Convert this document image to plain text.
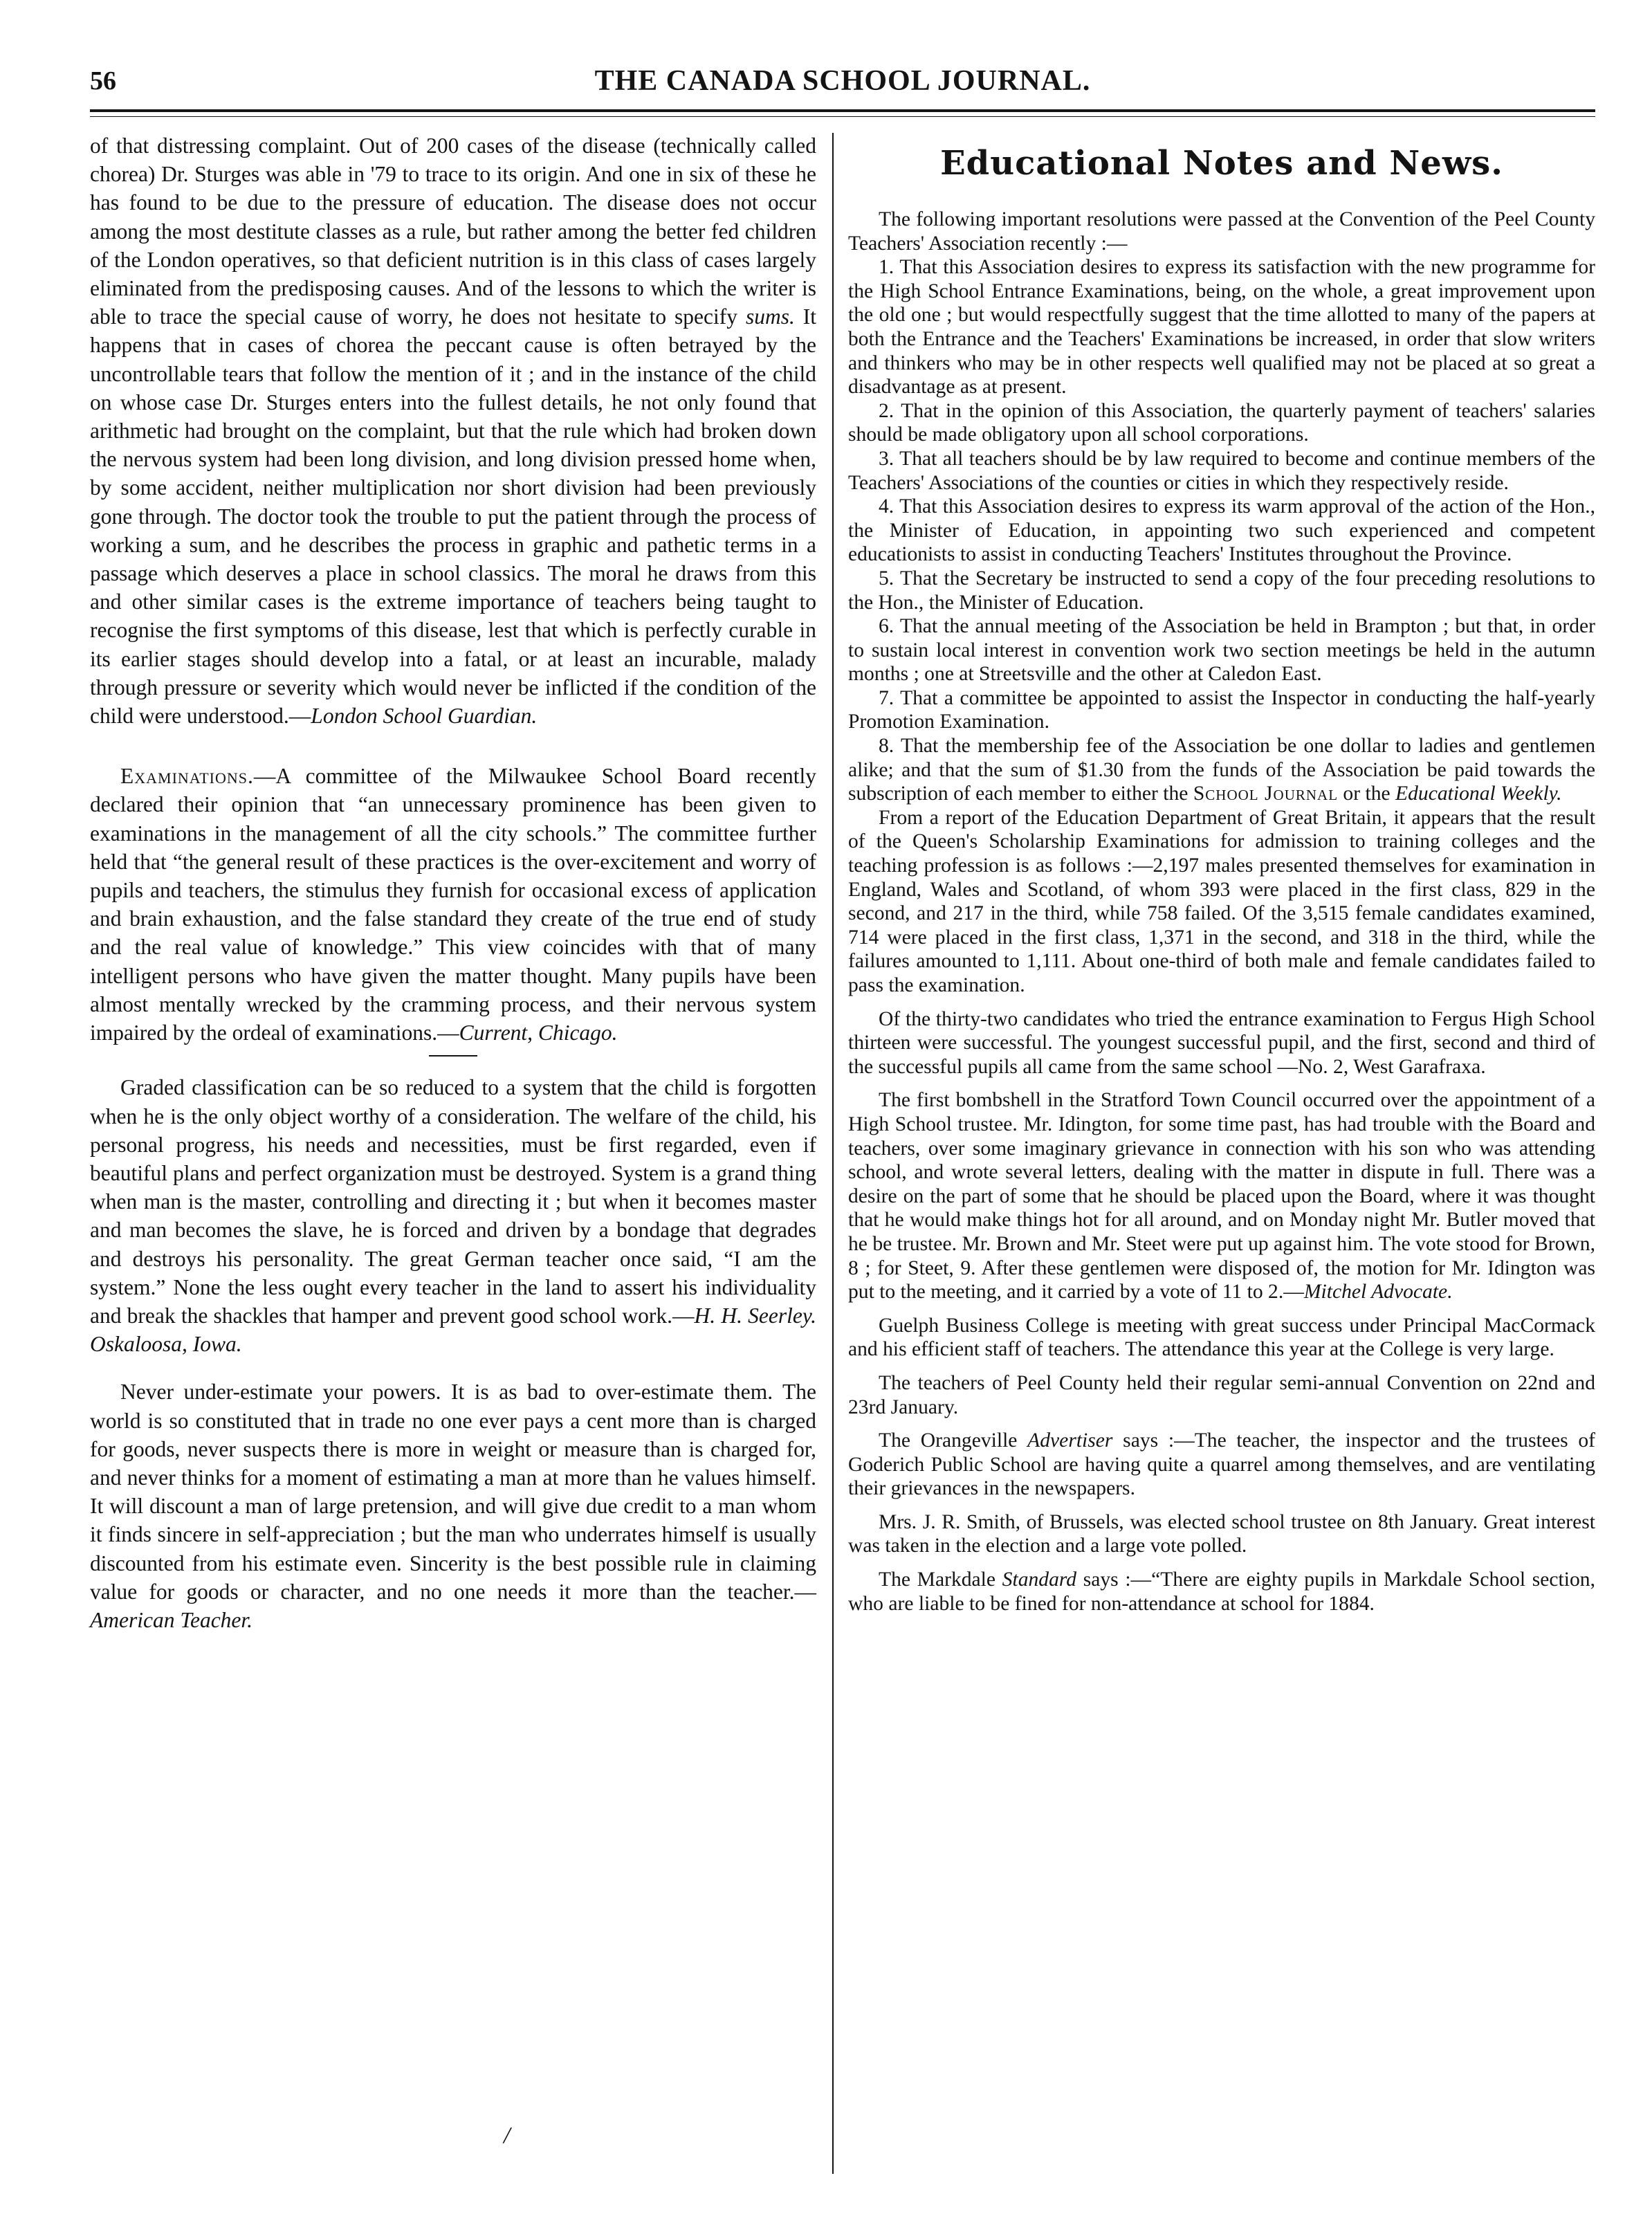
56	THE CANADA SCHOOL JOURNAL.

of that distressing complaint. Out of 200 cases of the disease (technically called chorea) Dr. Sturges was able in '79 to trace to its origin. And one in six of these he has found to be due to the pressure of education. The disease does not occur among the most destitute classes as a rule, but rather among the better fed children of the London operatives, so that deficient nutrition is in this class of cases largely eliminated from the predisposing causes. And of the lessons to which the writer is able to trace the special cause of worry, he does not hesitate to specify sums. It happens that in cases of chorea the peccant cause is often betrayed by the uncontrollable tears that follow the mention of it ; and in the instance of the child on whose case Dr. Sturges enters into the fullest details, he not only found that arithmetic had brought on the complaint, but that the rule which had broken down the nervous system had been long division, and long division pressed home when, by some accident, neither multiplication nor short division had been previously gone through. The doctor took the trouble to put the patient through the process of working a sum, and he describes the process in graphic and pathetic terms in a passage which deserves a place in school classics. The moral he draws from this and other similar cases is the extreme importance of teachers being taught to recognise the first symptoms of this disease, lest that which is perfectly curable in its earlier stages should develop into a fatal, or at least an incurable, malady through pressure or severity which would never be inflicted if the condition of the child were understood.—London School Guardian.

Examinations.—A committee of the Milwaukee School Board recently declared their opinion that “an unnecessary prominence has been given to examinations in the management of all the city schools.” The committee further held that “the general result of these practices is the over-excitement and worry of pupils and teachers, the stimulus they furnish for occasional excess of application and brain exhaustion, and the false standard they create of the true end of study and the real value of knowledge.” This view coincides with that of many intelligent persons who have given the matter thought. Many pupils have been almost mentally wrecked by the cramming process, and their nervous system impaired by the ordeal of examinations.—Current, Chicago.

Graded classification can be so reduced to a system that the child is forgotten when he is the only object worthy of a consideration. The welfare of the child, his personal progress, his needs and necessities, must be first regarded, even if beautiful plans and perfect organization must be destroyed. System is a grand thing when man is the master, controlling and directing it ; but when it becomes master and man becomes the slave, he is forced and driven by a bondage that degrades and destroys his personality. The great German teacher once said, “I am the system.” None the less ought every teacher in the land to assert his individuality and break the shackles that hamper and prevent good school work.—H. H. Seerley. Oskaloosa, Iowa.

Never under-estimate your powers. It is as bad to over-estimate them. The world is so constituted that in trade no one ever pays a cent more than is charged for goods, never suspects there is more in weight or measure than is charged for, and never thinks for a moment of estimating a man at more than he values himself. It will discount a man of large pretension, and will give due credit to a man whom it finds sincere in self-appreciation ; but the man who underrates himself is usually discounted from his estimate even. Sincerity is the best possible rule in claiming value for goods or character, and no one needs it more than the teacher.—American Teacher.

Educational Notes and News.

The following important resolutions were passed at the Convention of the Peel County Teachers' Association recently :—

1. That this Association desires to express its satisfaction with the new programme for the High School Entrance Examinations, being, on the whole, a great improvement upon the old one ; but would respectfully suggest that the time allotted to many of the papers at both the Entrance and the Teachers' Examinations be increased, in order that slow writers and thinkers who may be in other respects well qualified may not be placed at so great a disadvantage as at present.

2. That in the opinion of this Association, the quarterly payment of teachers' salaries should be made obligatory upon all school corporations.

3. That all teachers should be by law required to become and continue members of the Teachers' Associations of the counties or cities in which they respectively reside.

4. That this Association desires to express its warm approval of the action of the Hon., the Minister of Education, in appointing two such experienced and competent educationists to assist in conducting Teachers' Institutes throughout the Province.

5. That the Secretary be instructed to send a copy of the four preceding resolutions to the Hon., the Minister of Education.

6. That the annual meeting of the Association be held in Brampton ; but that, in order to sustain local interest in convention work two section meetings be held in the autumn months ; one at Streetsville and the other at Caledon East.

7. That a committee be appointed to assist the Inspector in conducting the half-yearly Promotion Examination.

8. That the membership fee of the Association be one dollar to ladies and gentlemen alike; and that the sum of $1.30 from the funds of the Association be paid towards the subscription of each member to either the School Journal or the Educational Weekly.

From a report of the Education Department of Great Britain, it appears that the result of the Queen's Scholarship Examinations for admission to training colleges and the teaching profession is as follows :—2,197 males presented themselves for examination in England, Wales and Scotland, of whom 393 were placed in the first class, 829 in the second, and 217 in the third, while 758 failed. Of the 3,515 female candidates examined, 714 were placed in the first class, 1,371 in the second, and 318 in the third, while the failures amounted to 1,111. About one-third of both male and female candidates failed to pass the examination.

Of the thirty-two candidates who tried the entrance examination to Fergus High School thirteen were successful. The youngest successful pupil, and the first, second and third of the successful pupils all came from the same school —No. 2, West Garafraxa.

The first bombshell in the Stratford Town Council occurred over the appointment of a High School trustee. Mr. Idington, for some time past, has had trouble with the Board and teachers, over some imaginary grievance in connection with his son who was attending school, and wrote several letters, dealing with the matter in dispute in full. There was a desire on the part of some that he should be placed upon the Board, where it was thought that he would make things hot for all around, and on Monday night Mr. Butler moved that he be trustee. Mr. Brown and Mr. Steet were put up against him. The vote stood for Brown, 8 ; for Steet, 9. After these gentlemen were disposed of, the motion for Mr. Idington was put to the meeting, and it carried by a vote of 11 to 2.—Mitchel Advocate.

Guelph Business College is meeting with great success under Principal MacCormack and his efficient staff of teachers. The attendance this year at the College is very large.

The teachers of Peel County held their regular semi-annual Convention on 22nd and 23rd January.

The Orangeville Advertiser says :—The teacher, the inspector and the trustees of Goderich Public School are having quite a quarrel among themselves, and are ventilating their grievances in the newspapers.

Mrs. J. R. Smith, of Brussels, was elected school trustee on 8th January. Great interest was taken in the election and a large vote polled.

The Markdale Standard says :—“There are eighty pupils in Markdale School section, who are liable to be fined for non-attendance at school for 1884.

/
